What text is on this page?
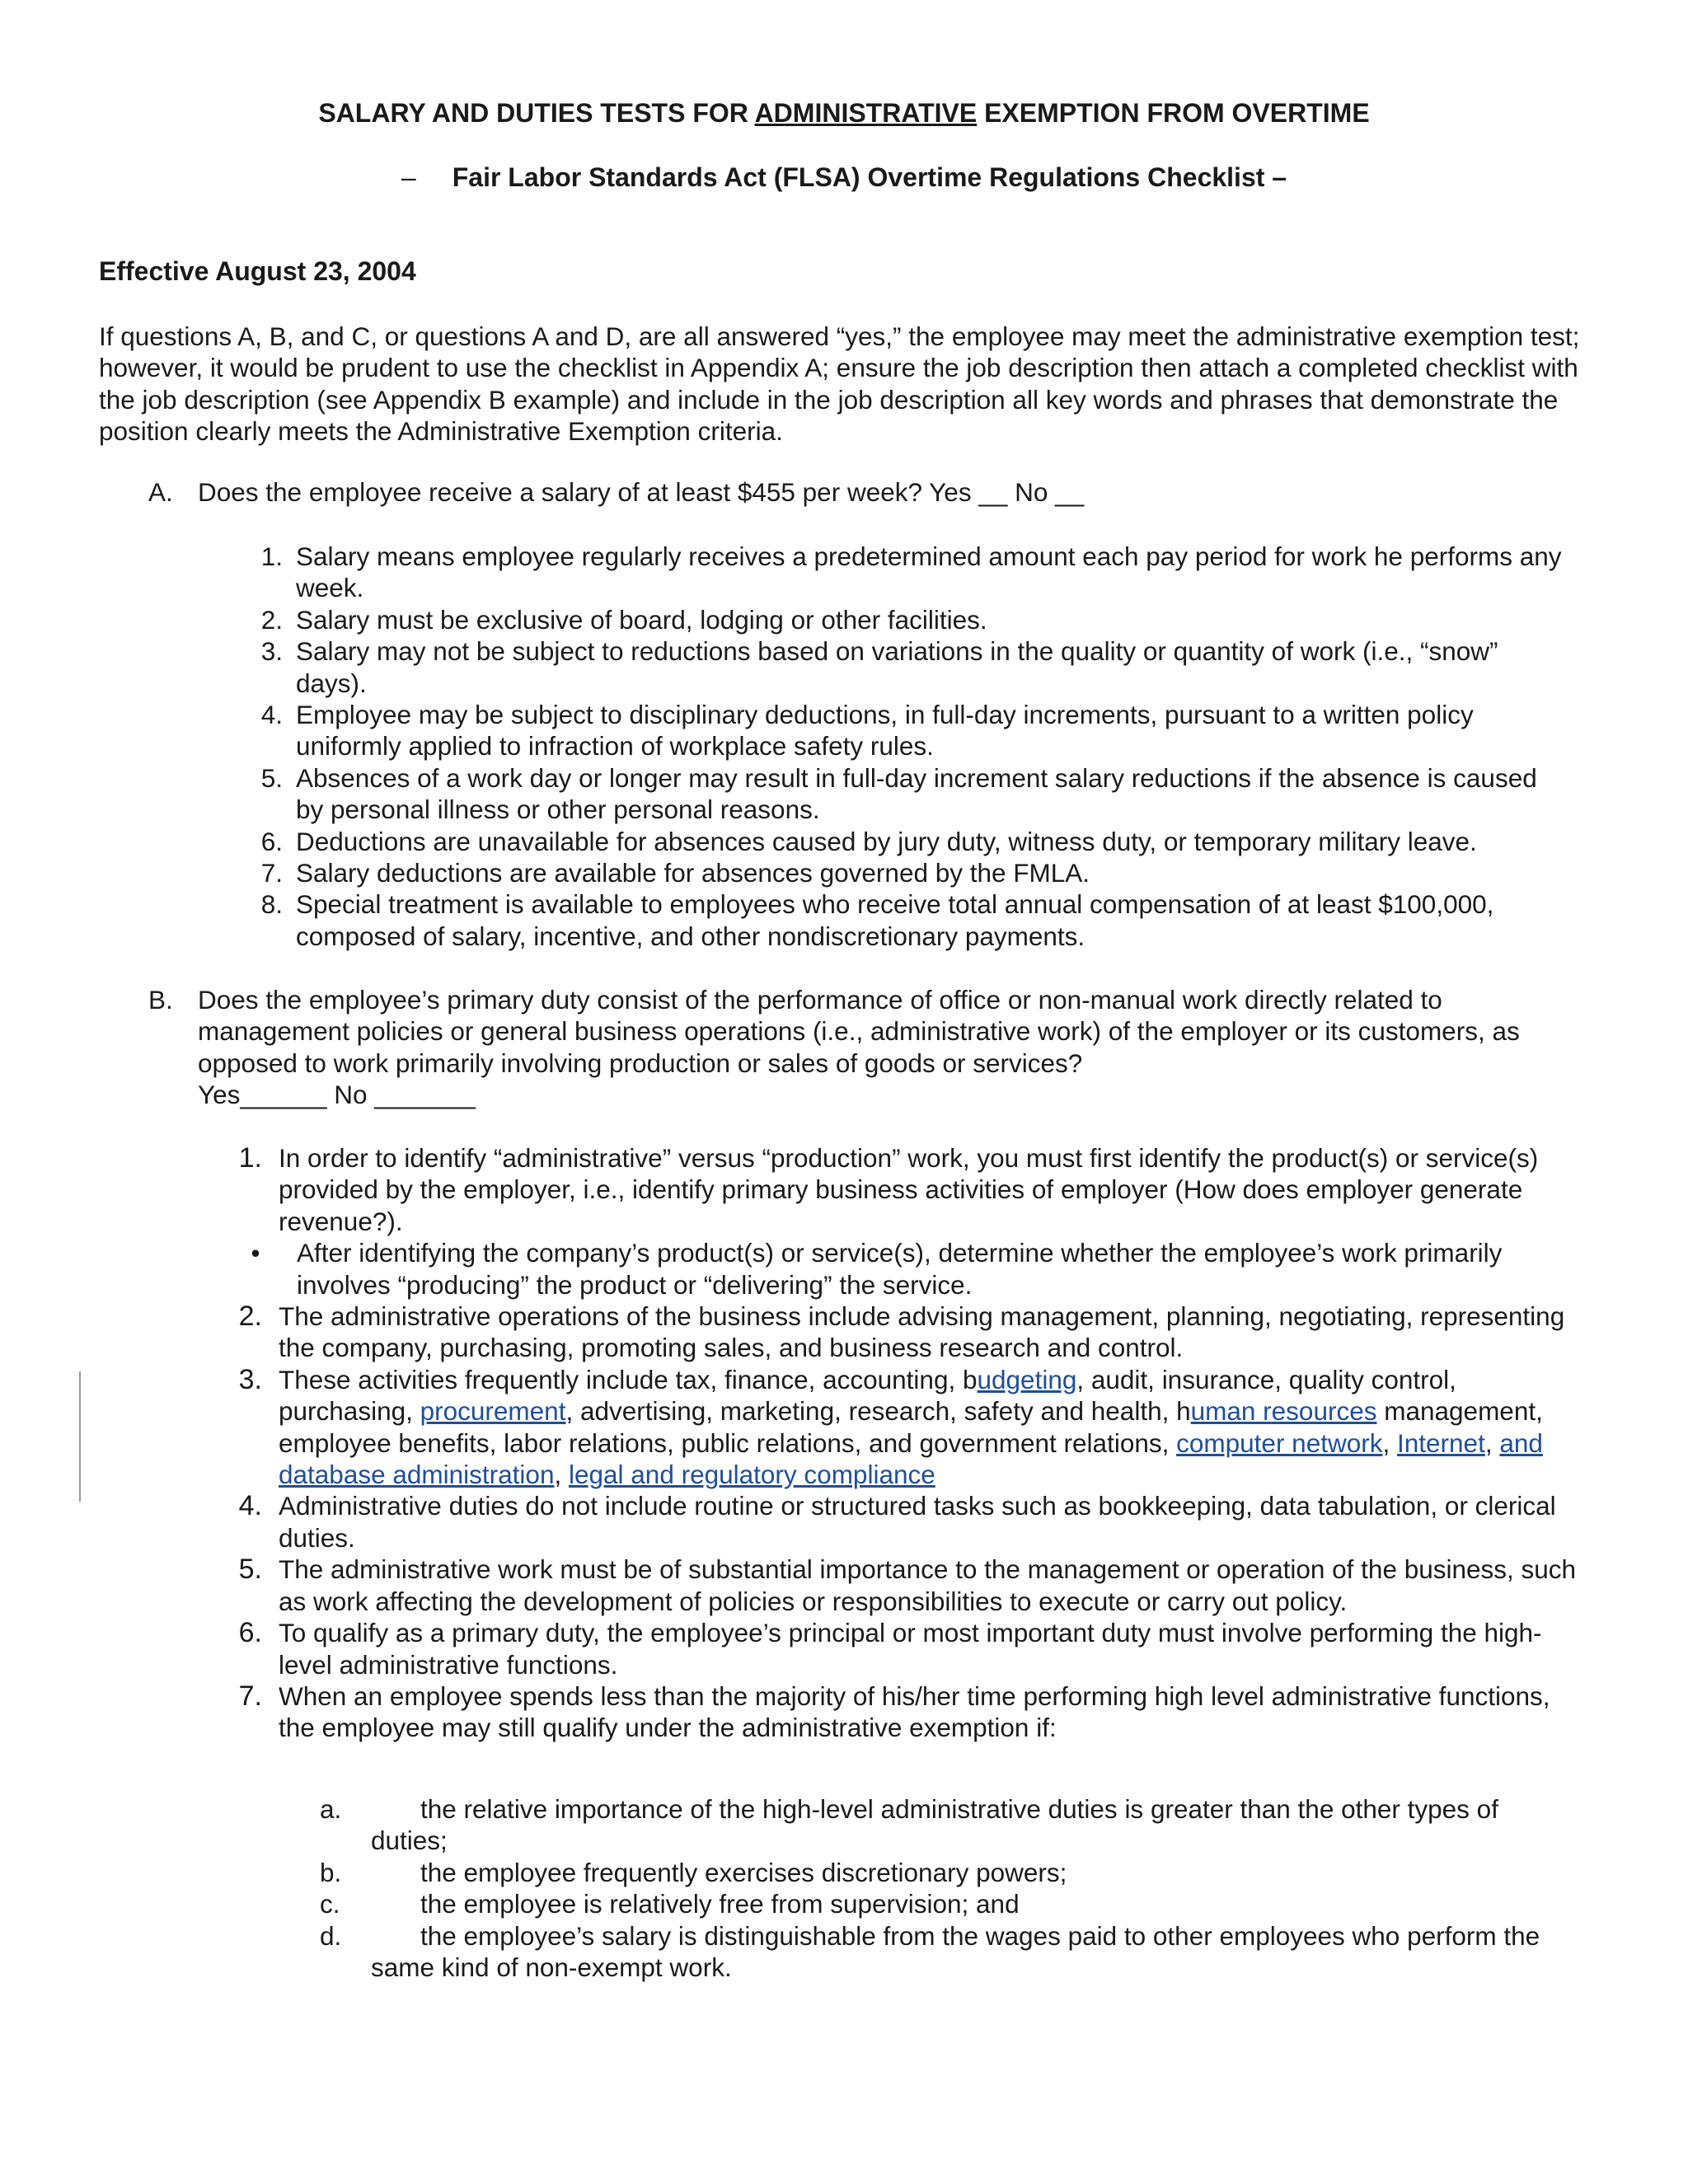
SALARY AND DUTIES TESTS FOR ADMINISTRATIVE EXEMPTION FROM OVERTIME
– Fair Labor Standards Act (FLSA) Overtime Regulations Checklist –
Effective August 23, 2004
If questions A, B, and C, or questions A and D, are all answered “yes,” the employee may meet the administrative exemption test; however, it would be prudent to use the checklist in Appendix A; ensure the job description then attach a completed checklist with the job description (see Appendix B example) and include in the job description all key words and phrases that demonstrate the position clearly meets the Administrative Exemption criteria.
A. Does the employee receive a salary of at least $455 per week? Yes __ No __
1. Salary means employee regularly receives a predetermined amount each pay period for work he performs any week.
2. Salary must be exclusive of board, lodging or other facilities.
3. Salary may not be subject to reductions based on variations in the quality or quantity of work (i.e., “snow” days).
4. Employee may be subject to disciplinary deductions, in full-day increments, pursuant to a written policy uniformly applied to infraction of workplace safety rules.
5. Absences of a work day or longer may result in full-day increment salary reductions if the absence is caused by personal illness or other personal reasons.
6. Deductions are unavailable for absences caused by jury duty, witness duty, or temporary military leave.
7. Salary deductions are available for absences governed by the FMLA.
8. Special treatment is available to employees who receive total annual compensation of at least $100,000, composed of salary, incentive, and other nondiscretionary payments.
B. Does the employee’s primary duty consist of the performance of office or non-manual work directly related to management policies or general business operations (i.e., administrative work) of the employer or its customers, as opposed to work primarily involving production or sales of goods or services?
Yes______ No _______
1. In order to identify “administrative” versus “production” work, you must first identify the product(s) or service(s) provided by the employer, i.e., identify primary business activities of employer (How does employer generate revenue?).
• After identifying the company’s product(s) or service(s), determine whether the employee’s work primarily involves “producing” the product or “delivering” the service.
2. The administrative operations of the business include advising management, planning, negotiating, representing the company, purchasing, promoting sales, and business research and control.
3. These activities frequently include tax, finance, accounting, budgeting, audit, insurance, quality control, purchasing, procurement, advertising, marketing, research, safety and health, human resources management, employee benefits, labor relations, public relations, and government relations, computer network, Internet, and database administration, legal and regulatory compliance
4. Administrative duties do not include routine or structured tasks such as bookkeeping, data tabulation, or clerical duties.
5. The administrative work must be of substantial importance to the management or operation of the business, such as work affecting the development of policies or responsibilities to execute or carry out policy.
6. To qualify as a primary duty, the employee’s principal or most important duty must involve performing the high-level administrative functions.
7. When an employee spends less than the majority of his/her time performing high level administrative functions, the employee may still qualify under the administrative exemption if:
a.	the relative importance of the high-level administrative duties is greater than the other types of duties;
b.	the employee frequently exercises discretionary powers;
c.	the employee is relatively free from supervision; and
d.	the employee’s salary is distinguishable from the wages paid to other employees who perform the same kind of non-exempt work.
